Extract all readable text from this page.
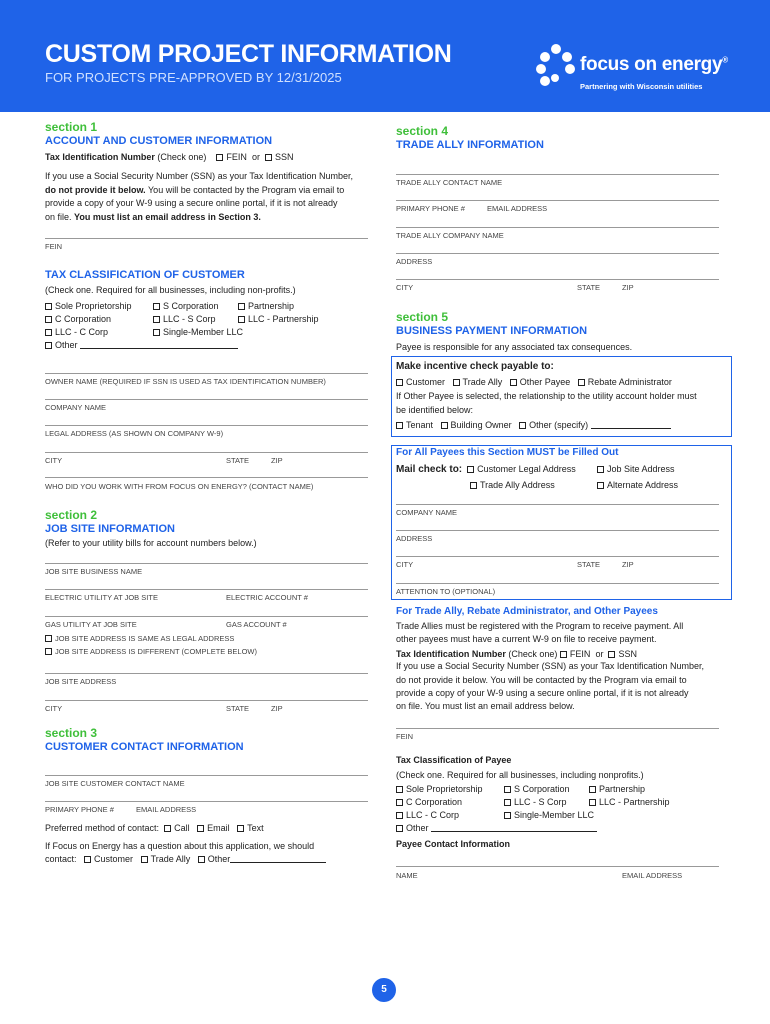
CUSTOM PROJECT INFORMATION
FOR PROJECTS PRE-APPROVED BY 12/31/2025
focus on energy®
Partnering with Wisconsin utilities
section 1
ACCOUNT AND CUSTOMER INFORMATION
Tax Identification Number (Check one) FEIN or SSN
If you use a Social Security Number (SSN) as your Tax Identification Number,
do not provide it below. You will be contacted by the Program via email to
provide a copy of your W-9 using a secure online portal, if it is not already
on file. You must list an email address in Section 3.
FEIN
TAX CLASSIFICATION OF CUSTOMER
(Check one. Required for all businesses, including non-profits.)
Sole Proprietorship	S Corporation	Partnership
C Corporation	LLC - S Corp	LLC - Partnership
LLC - C Corp	Single-Member LLC
Other
OWNER NAME (REQUIRED IF SSN IS USED AS TAX IDENTIFICATION NUMBER)
COMPANY NAME
LEGAL ADDRESS (AS SHOWN ON COMPANY W-9)
CITY	STATE	ZIP
WHO DID YOU WORK WITH FROM FOCUS ON ENERGY? (CONTACT NAME)
section 2
JOB SITE INFORMATION
(Refer to your utility bills for account numbers below.)
JOB SITE BUSINESS NAME
ELECTRIC UTILITY AT JOB SITE	ELECTRIC ACCOUNT #
GAS UTILITY AT JOB SITE	GAS ACCOUNT #
JOB SITE ADDRESS IS SAME AS LEGAL ADDRESS
JOB SITE ADDRESS IS DIFFERENT (COMPLETE BELOW)
JOB SITE ADDRESS
CITY	STATE	ZIP
section 3
CUSTOMER CONTACT INFORMATION
JOB SITE CUSTOMER CONTACT NAME
PRIMARY PHONE #	EMAIL ADDRESS
Preferred method of contact: Call Email Text
If Focus on Energy has a question about this application, we should
contact: Customer Trade Ally Other
section 4
TRADE ALLY INFORMATION
TRADE ALLY CONTACT NAME
PRIMARY PHONE #	EMAIL ADDRESS
TRADE ALLY COMPANY NAME
ADDRESS
CITY	STATE	ZIP
section 5
BUSINESS PAYMENT INFORMATION
Payee is responsible for any associated tax consequences.
Make incentive check payable to:
Customer Trade Ally Other Payee Rebate Administrator
If Other Payee is selected, the relationship to the utility account holder must
be identified below:
Tenant Building Owner Other (specify)
For All Payees this Section MUST be Filled Out
Mail check to: Customer Legal Address	Job Site Address
Trade Ally Address	Alternate Address
COMPANY NAME
ADDRESS
CITY	STATE	ZIP
ATTENTION TO (OPTIONAL)
For Trade Ally, Rebate Administrator, and Other Payees
Trade Allies must be registered with the Program to receive payment. All
other payees must have a current W-9 on file to receive payment.
Tax Identification Number (Check one) FEIN or SSN
If you use a Social Security Number (SSN) as your Tax Identification Number,
do not provide it below. You will be contacted by the Program via email to
provide a copy of your W-9 using a secure online portal, if it is not already
on file. You must list an email address below.
FEIN
Tax Classification of Payee
(Check one. Required for all businesses, including nonprofits.)
Sole Proprietorship	S Corporation	Partnership
C Corporation	LLC - S Corp	LLC - Partnership
LLC - C Corp	Single-Member LLC
Other
Payee Contact Information
NAME	EMAIL ADDRESS
5
